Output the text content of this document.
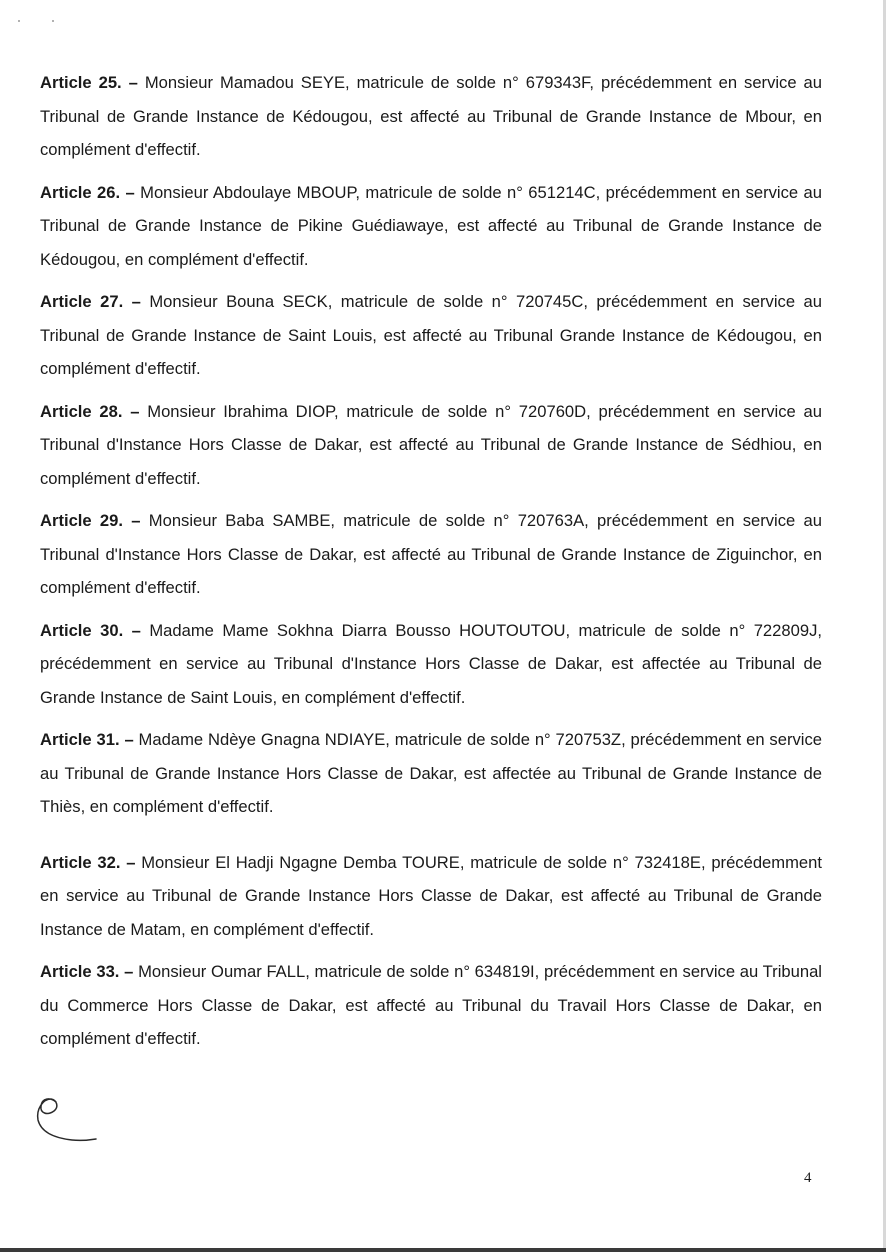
Article 25. – Monsieur Mamadou SEYE, matricule de solde n° 679343F, précédemment en service au Tribunal de Grande Instance de Kédougou, est affecté au Tribunal de Grande Instance de Mbour, en complément d'effectif.

Article 26. – Monsieur Abdoulaye MBOUP, matricule de solde n° 651214C, précédemment en service au Tribunal de Grande Instance de Pikine Guédiawaye, est affecté au Tribunal de Grande Instance de Kédougou, en complément d'effectif.

Article 27. – Monsieur Bouna SECK, matricule de solde n° 720745C, précédemment en service au Tribunal de Grande Instance de Saint Louis, est affecté au Tribunal Grande Instance de Kédougou, en complément d'effectif.

Article 28. – Monsieur Ibrahima DIOP, matricule de solde n° 720760D, précédemment en service au Tribunal d'Instance Hors Classe de Dakar, est affecté au Tribunal de Grande Instance de Sédhiou, en complément d'effectif.

Article 29. – Monsieur Baba SAMBE, matricule de solde n° 720763A, précédemment en service au Tribunal d'Instance Hors Classe de Dakar, est affecté au Tribunal de Grande Instance de Ziguinchor, en complément d'effectif.

Article 30. – Madame Mame Sokhna Diarra Bousso HOUTOUTOU, matricule de solde n° 722809J, précédemment en service au Tribunal d'Instance Hors Classe de Dakar, est affectée au Tribunal de Grande Instance de Saint Louis, en complément d'effectif.

Article 31. – Madame Ndèye Gnagna NDIAYE, matricule de solde n° 720753Z, précédemment en service au Tribunal de Grande Instance Hors Classe de Dakar, est affectée au Tribunal de Grande Instance de Thiès, en complément d'effectif.

Article 32. – Monsieur El Hadji Ngagne Demba TOURE, matricule de solde n° 732418E, précédemment en service au Tribunal de Grande Instance Hors Classe de Dakar, est affecté au Tribunal de Grande Instance de Matam, en complément d'effectif.

Article 33. – Monsieur Oumar FALL, matricule de solde n° 634819I, précédemment en service au Tribunal du Commerce Hors Classe de Dakar, est affecté au Tribunal du Travail Hors Classe de Dakar, en complément d'effectif.

4
